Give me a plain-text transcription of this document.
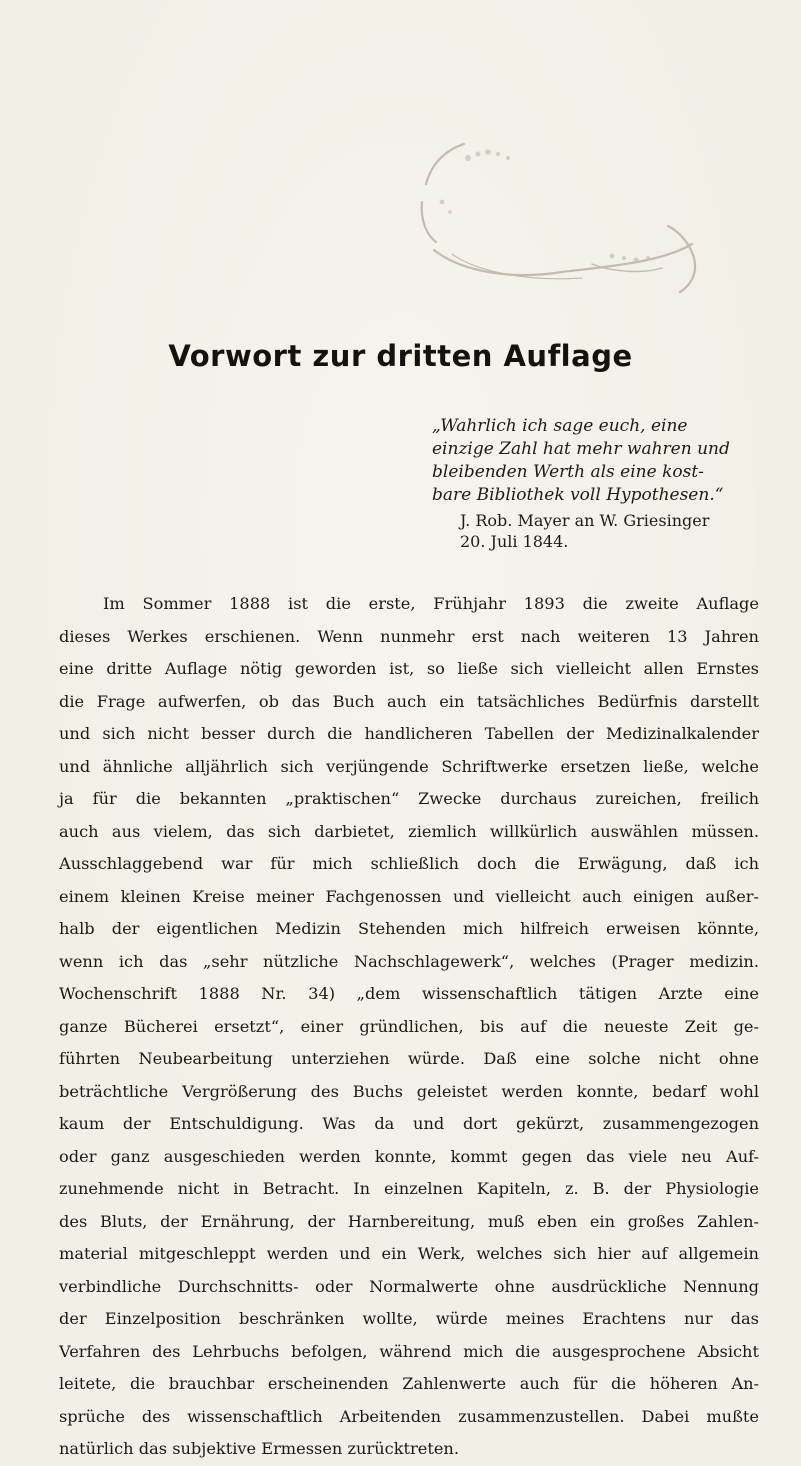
Vorwort zur dritten Auflage
„Wahrlich ich sage euch, eine
einzige Zahl hat mehr wahren und
bleibenden Werth als eine kost-
bare Bibliothek voll Hypothesen.“
J. Rob. Mayer an W. Griesinger
20. Juli 1844.
Im Sommer 1888 ist die erste, Frühjahr 1893 die zweite Auflage
dieses Werkes erschienen. Wenn nunmehr erst nach weiteren 13 Jahren
eine dritte Auflage nötig geworden ist, so ließe sich vielleicht allen Ernstes
die Frage aufwerfen, ob das Buch auch ein tatsächliches Bedürfnis darstellt
und sich nicht besser durch die handlicheren Tabellen der Medizinalkalender
und ähnliche alljährlich sich verjüngende Schriftwerke ersetzen ließe, welche
ja für die bekannten „praktischen“ Zwecke durchaus zureichen, freilich
auch aus vielem, das sich darbietet, ziemlich willkürlich auswählen müssen.
Ausschlaggebend war für mich schließlich doch die Erwägung, daß ich
einem kleinen Kreise meiner Fachgenossen und vielleicht auch einigen außer-
halb der eigentlichen Medizin Stehenden mich hilfreich erweisen könnte,
wenn ich das „sehr nützliche Nachschlagewerk“, welches (Prager medizin.
Wochenschrift 1888 Nr. 34) „dem wissenschaftlich tätigen Arzte eine
ganze Bücherei ersetzt“, einer gründlichen, bis auf die neueste Zeit ge-
führten Neubearbeitung unterziehen würde. Daß eine solche nicht ohne
beträchtliche Vergrößerung des Buchs geleistet werden konnte, bedarf wohl
kaum der Entschuldigung. Was da und dort gekürzt, zusammengezogen
oder ganz ausgeschieden werden konnte, kommt gegen das viele neu Auf-
zunehmende nicht in Betracht. In einzelnen Kapiteln, z. B. der Physiologie
des Bluts, der Ernährung, der Harnbereitung, muß eben ein großes Zahlen-
material mitgeschleppt werden und ein Werk, welches sich hier auf allgemein
verbindliche Durchschnitts- oder Normalwerte ohne ausdrückliche Nennung
der Einzelposition beschränken wollte, würde meines Erachtens nur das
Verfahren des Lehrbuchs befolgen, während mich die ausgesprochene Absicht
leitete, die brauchbar erscheinenden Zahlenwerte auch für die höheren An-
sprüche des wissenschaftlich Arbeitenden zusammenzustellen. Dabei mußte
natürlich das subjektive Ermessen zurücktreten.
